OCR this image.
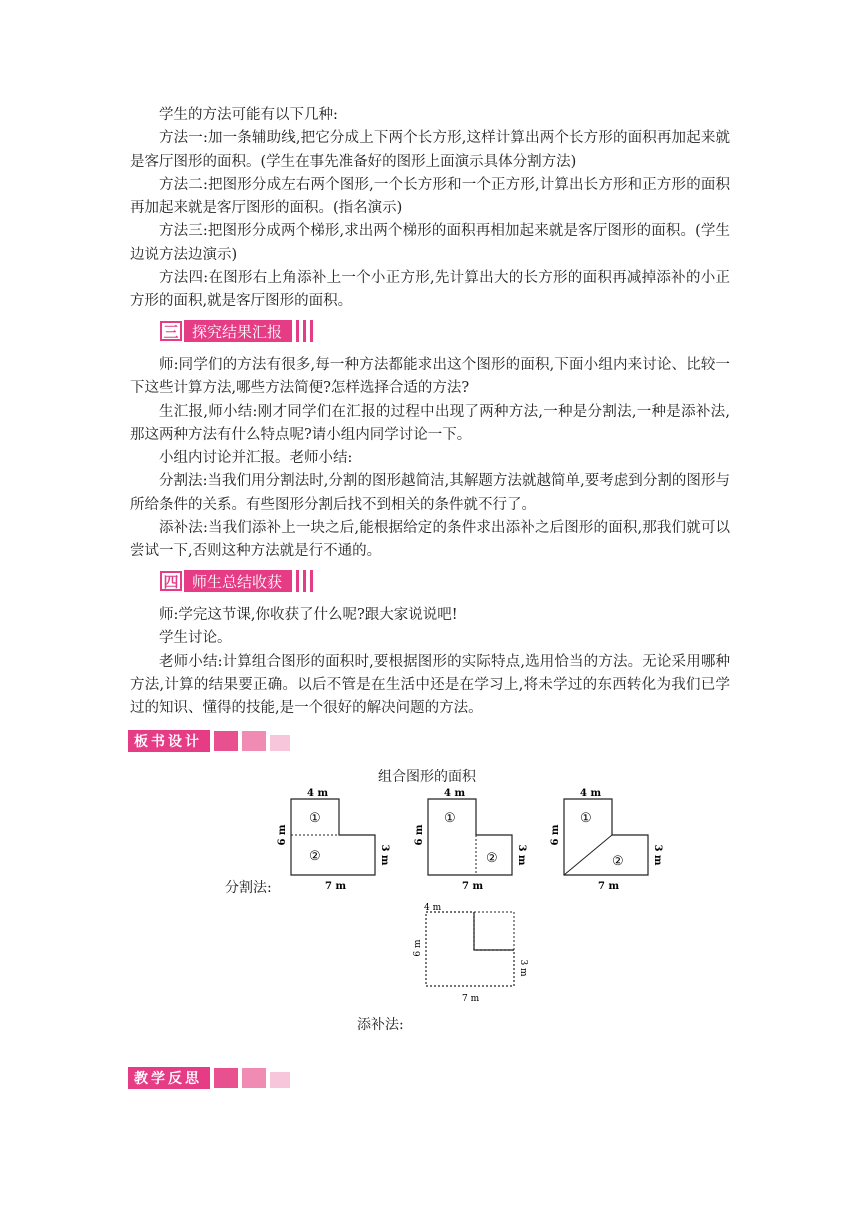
学生的方法可能有以下几种:

方法一:加一条辅助线,把它分成上下两个长方形,这样计算出两个长方形的面积再加起来就是客厅图形的面积。(学生在事先准备好的图形上面演示具体分割方法)

方法二:把图形分成左右两个图形,一个长方形和一个正方形,计算出长方形和正方形的面积再加起来就是客厅图形的面积。(指名演示)

方法三:把图形分成两个梯形,求出两个梯形的面积再相加起来就是客厅图形的面积。(学生边说方法边演示)

方法四:在图形右上角添补上一个小正方形,先计算出大的长方形的面积再减掉添补的小正方形的面积,就是客厅图形的面积。

三 探究结果汇报

师:同学们的方法有很多,每一种方法都能求出这个图形的面积,下面小组内来讨论、比较一下这些计算方法,哪些方法简便?怎样选择合适的方法?

生汇报,师小结:刚才同学们在汇报的过程中出现了两种方法,一种是分割法,一种是添补法,那这两种方法有什么特点呢?请小组内同学讨论一下。

小组内讨论并汇报。老师小结:

分割法:当我们用分割法时,分割的图形越简洁,其解题方法就越简单,要考虑到分割的图形与所给条件的关系。有些图形分割后找不到相关的条件就不行了。

添补法:当我们添补上一块之后,能根据给定的条件求出添补之后图形的面积,那我们就可以尝试一下,否则这种方法就是行不通的。

四 师生总结收获

师:学完这节课,你收获了什么呢?跟大家说说吧!

学生讨论。

老师小结:计算组合图形的面积时,要根据图形的实际特点,选用恰当的方法。无论采用哪种方法,计算的结果要正确。以后不管是在生活中还是在学习上,将未学过的东西转化为我们已学过的知识、懂得的技能,是一个很好的解决问题的方法。

板书设计
组合图形的面积
分割法:
添补法:
4 m
6 m
3 m
7 m
①
②
4 m
6 m
3 m
7 m
①
②
4 m
6 m
3 m
7 m
①
②
4 m
6 m
3 m
7 m
教学反思
